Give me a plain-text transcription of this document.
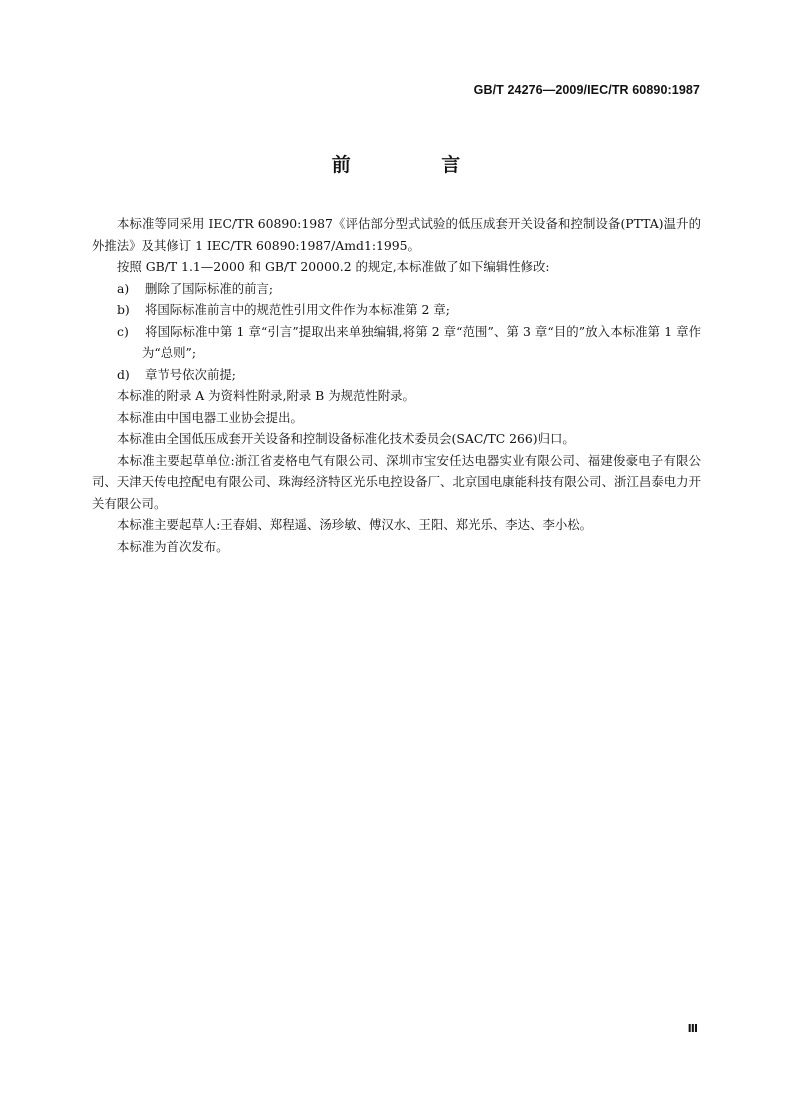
GB/T 24276—2009/IEC/TR 60890:1987
前 言

本标准等同采用 IEC/TR 60890:1987《评估部分型式试验的低压成套开关设备和控制设备(PTTA)温升的外推法》及其修订 1 IEC/TR 60890:1987/Amd1:1995。

按照 GB/T 1.1—2000 和 GB/T 20000.2 的规定,本标准做了如下编辑性修改:

a) 删除了国际标准的前言;

b) 将国际标准前言中的规范性引用文件作为本标准第 2 章;

c) 将国际标准中第 1 章“引言”提取出来单独编辑,将第 2 章“范围”、第 3 章“目的”放入本标准第 1 章作为“总则”;

d) 章节号依次前提;

本标准的附录 A 为资料性附录,附录 B 为规范性附录。

本标准由中国电器工业协会提出。

本标准由全国低压成套开关设备和控制设备标准化技术委员会(SAC/TC 266)归口。

本标准主要起草单位:浙江省麦格电气有限公司、深圳市宝安任达电器实业有限公司、福建俊豪电子有限公司、天津天传电控配电有限公司、珠海经济特区光乐电控设备厂、北京国电康能科技有限公司、浙江昌泰电力开关有限公司。

本标准主要起草人:王春娟、郑程遥、汤珍敏、傅汉水、王阳、郑光乐、李达、李小松。

本标准为首次发布。

Ⅲ
